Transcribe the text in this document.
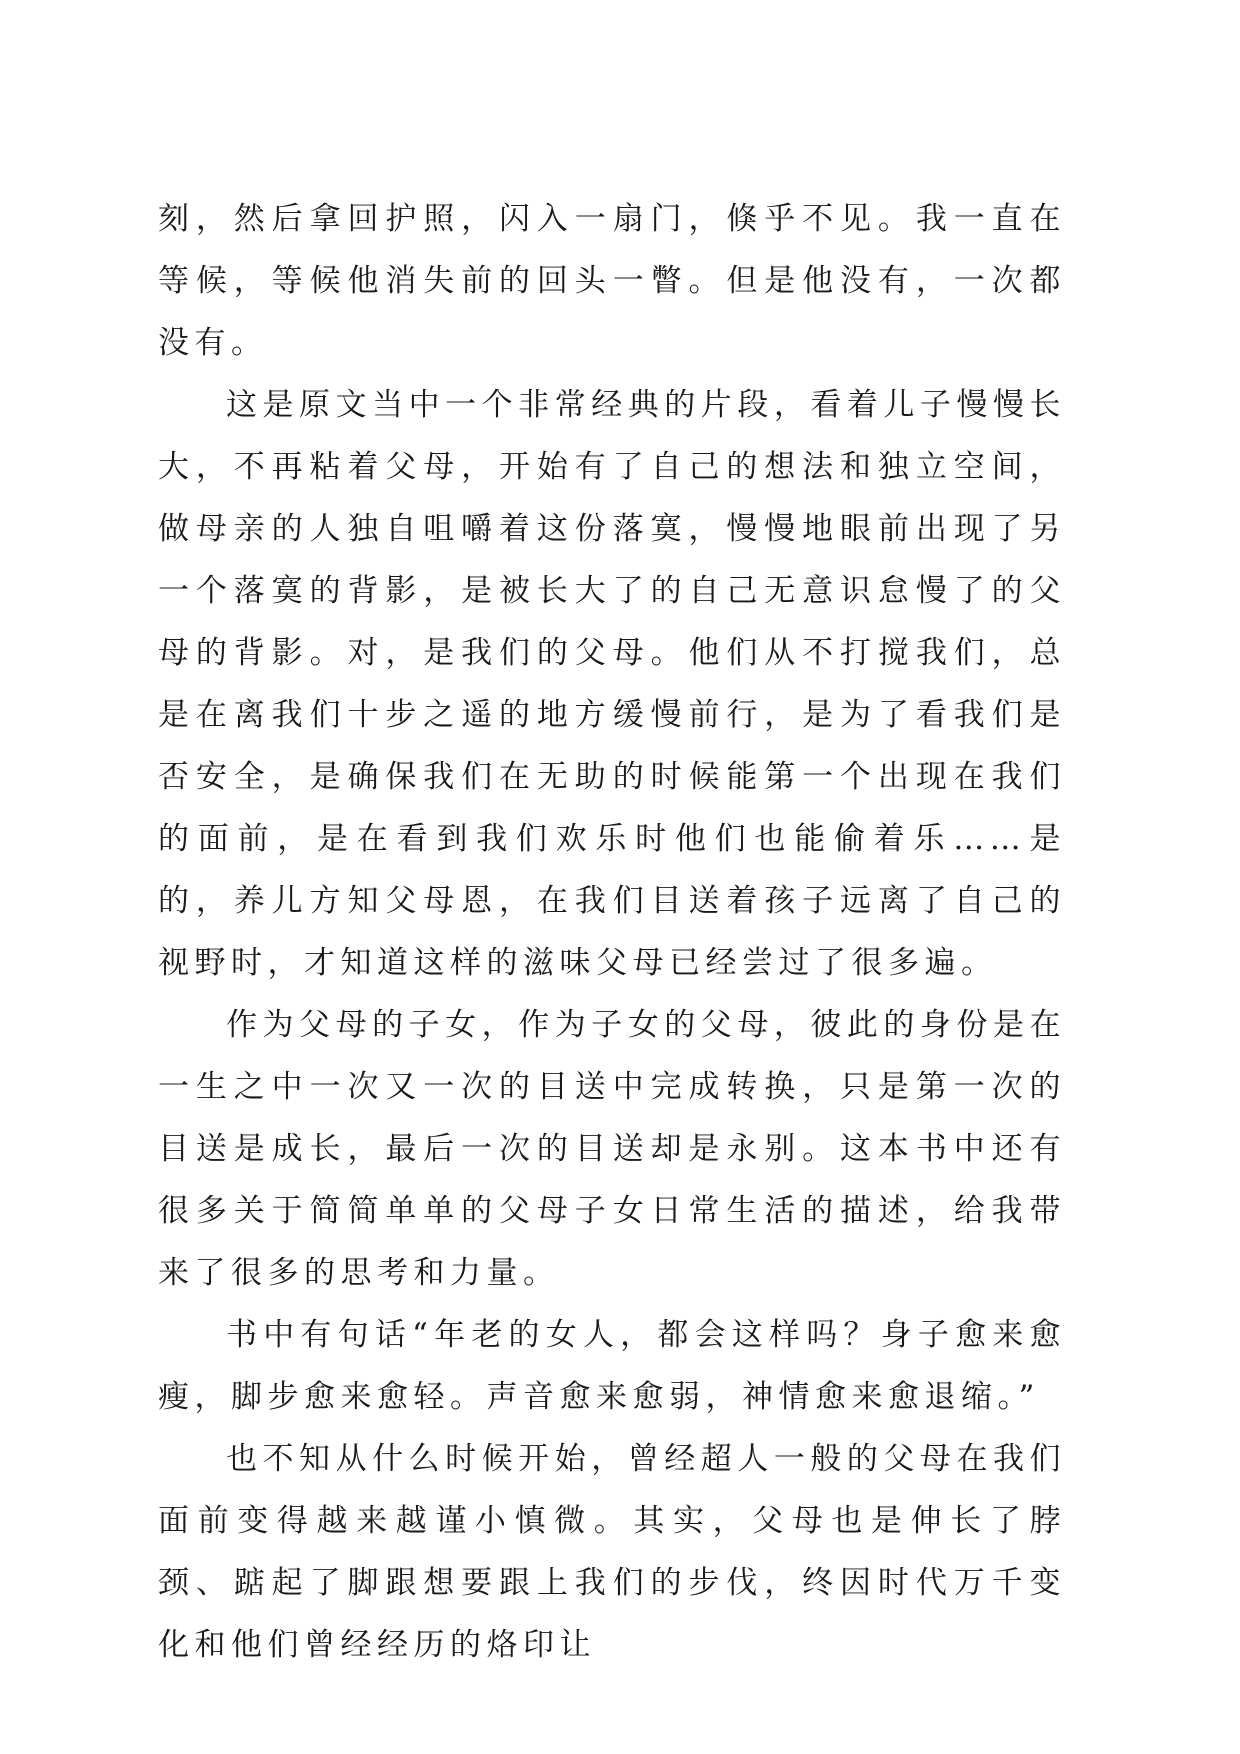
刻，然后拿回护照，闪入一扇门，倏乎不见。我一直在等候，等候他消失前的回头一瞥。但是他没有，一次都没有。

这是原文当中一个非常经典的片段，看着儿子慢慢长大，不再粘着父母，开始有了自己的想法和独立空间，做母亲的人独自咀嚼着这份落寞，慢慢地眼前出现了另一个落寞的背影，是被长大了的自己无意识怠慢了的父母的背影。对，是我们的父母。他们从不打搅我们，总是在离我们十步之遥的地方缓慢前行，是为了看我们是否安全，是确保我们在无助的时候能第一个出现在我们的面前，是在看到我们欢乐时他们也能偷着乐……是的，养儿方知父母恩，在我们目送着孩子远离了自己的视野时，才知道这样的滋味父母已经尝过了很多遍。

作为父母的子女，作为子女的父母，彼此的身份是在一生之中一次又一次的目送中完成转换，只是第一次的目送是成长，最后一次的目送却是永别。这本书中还有很多关于简简单单的父母子女日常生活的描述，给我带来了很多的思考和力量。

书中有句话“年老的女人，都会这样吗？身子愈来愈瘦，脚步愈来愈轻。声音愈来愈弱，神情愈来愈退缩。”

也不知从什么时候开始，曾经超人一般的父母在我们面前变得越来越谨小慎微。其实，父母也是伸长了脖颈、踮起了脚跟想要跟上我们的步伐，终因时代万千变化和他们曾经经历的烙印让
